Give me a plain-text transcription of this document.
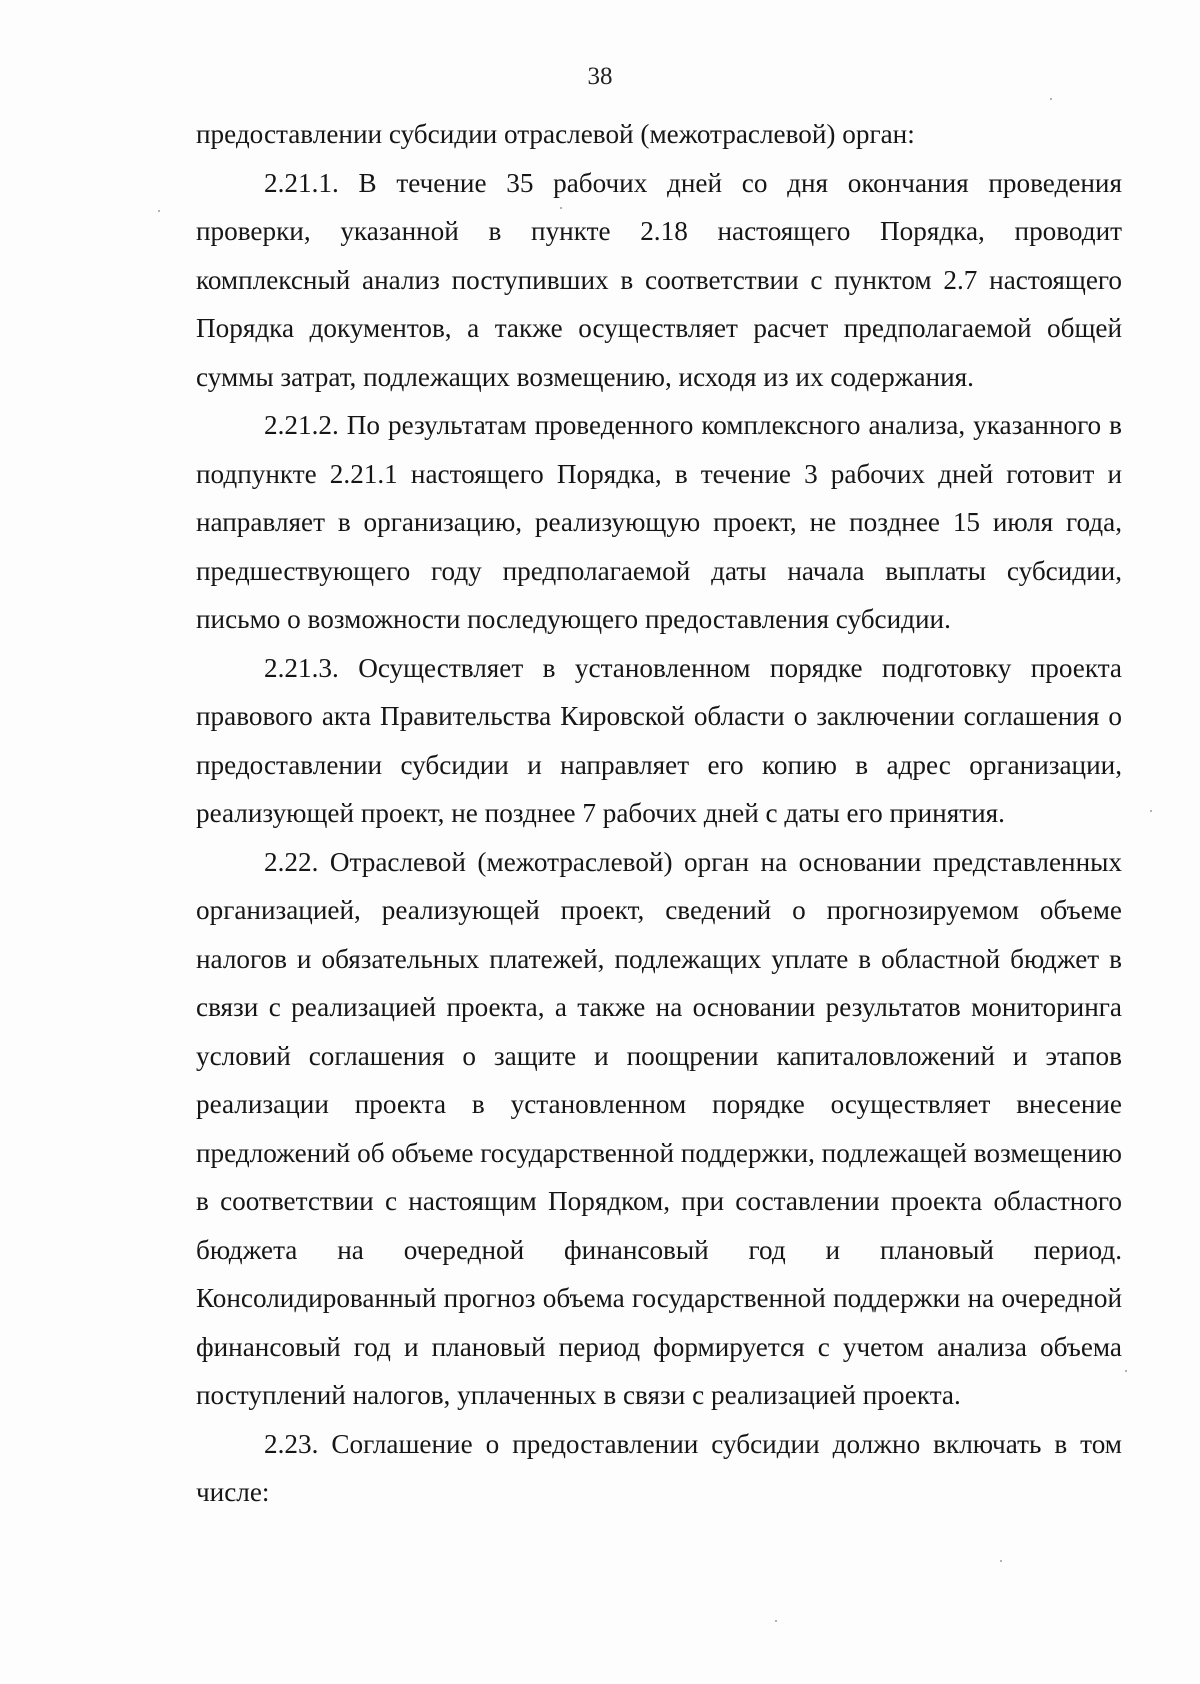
38

предоставлении субсидии отраслевой (межотраслевой) орган:

2.21.1. В течение 35 рабочих дней со дня окончания проведения проверки, указанной в пункте 2.18 настоящего Порядка, проводит комплексный анализ поступивших в соответствии с пунктом 2.7 настоящего Порядка документов, а также осуществляет расчет предполагаемой общей суммы затрат, подлежащих возмещению, исходя из их содержания.

2.21.2. По результатам проведенного комплексного анализа, указанного в подпункте 2.21.1 настоящего Порядка, в течение 3 рабочих дней готовит и направляет в организацию, реализующую проект, не позднее 15 июля года, предшествующего году предполагаемой даты начала выплаты субсидии, письмо о возможности последующего предоставления субсидии.

2.21.3. Осуществляет в установленном порядке подготовку проекта правового акта Правительства Кировской области о заключении соглашения о предоставлении субсидии и направляет его копию в адрес организации, реализующей проект, не позднее 7 рабочих дней с даты его принятия.

2.22. Отраслевой (межотраслевой) орган на основании представленных организацией, реализующей проект, сведений о прогнозируемом объеме налогов и обязательных платежей, подлежащих уплате в областной бюджет в связи с реализацией проекта, а также на основании результатов мониторинга условий соглашения о защите и поощрении капиталовложений и этапов реализации проекта в установленном порядке осуществляет внесение предложений об объеме государственной поддержки, подлежащей возмещению в соответствии с настоящим Порядком, при составлении проекта областного бюджета на очередной финансовый год и плановый период. Консолидированный прогноз объема государственной поддержки на очередной финансовый год и плановый период формируется с учетом анализа объема поступлений налогов, уплаченных в связи с реализацией проекта.

2.23. Соглашение о предоставлении субсидии должно включать в том числе:
